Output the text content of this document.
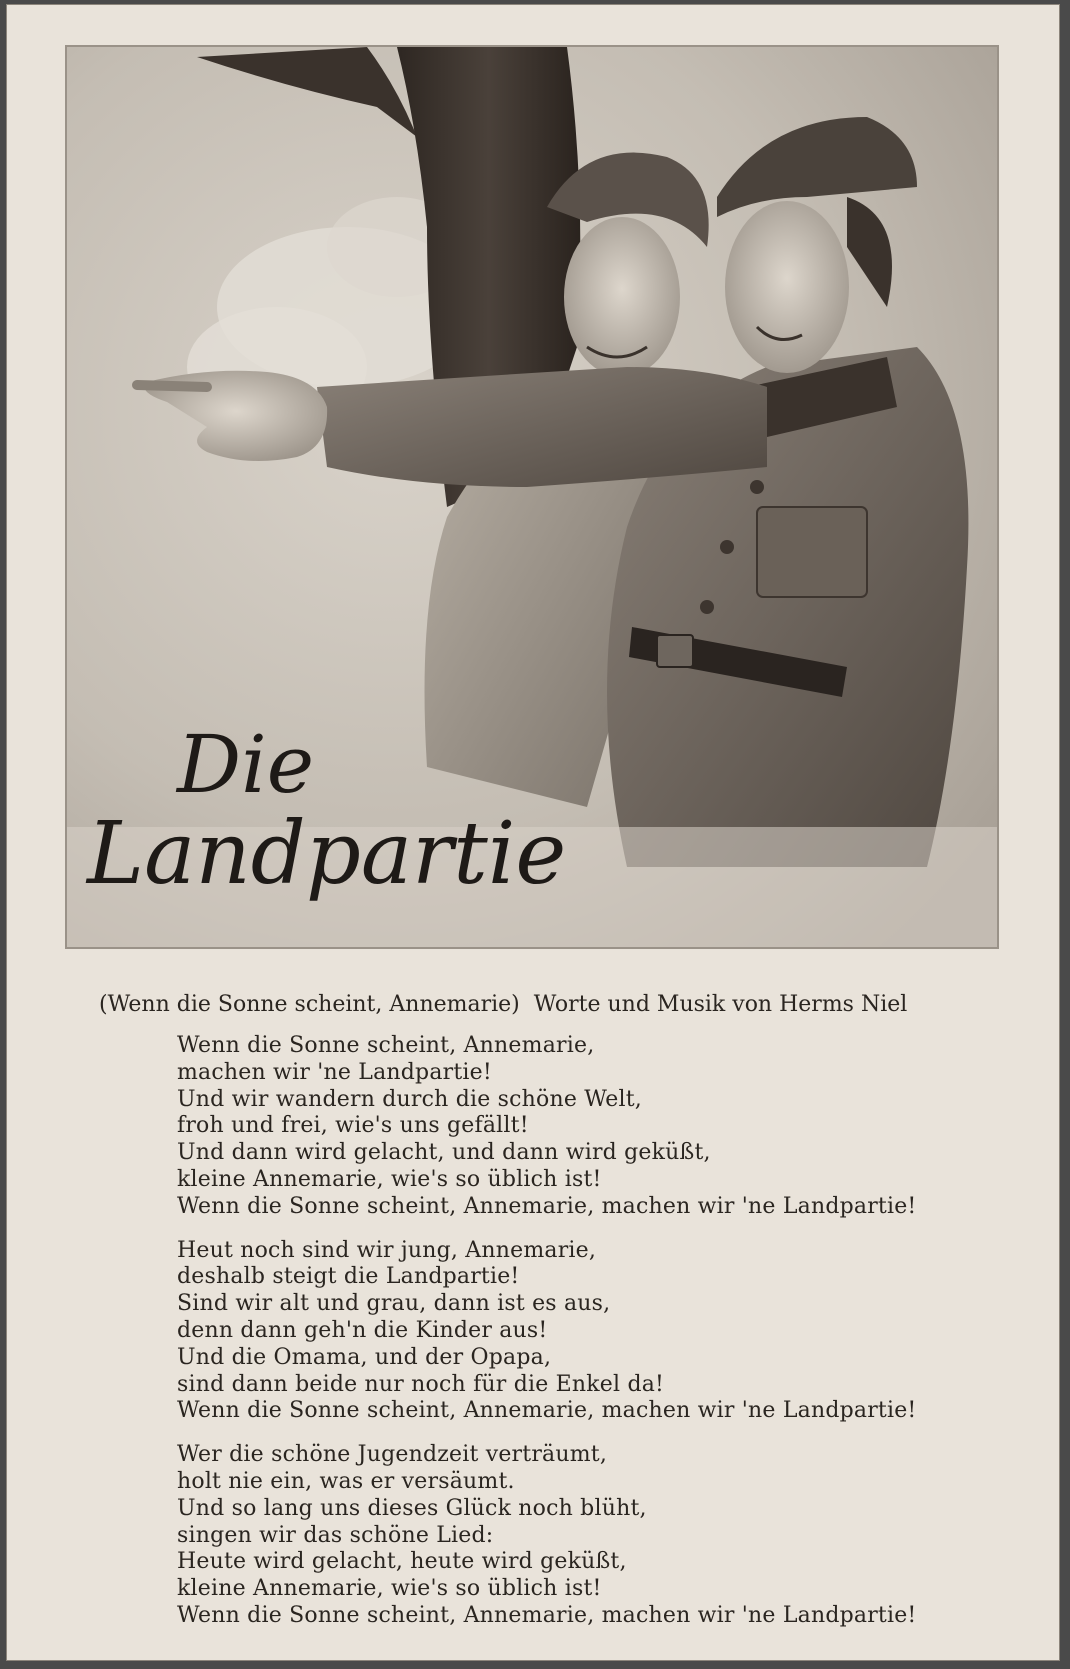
Die
Landpartie
(Wenn die Sonne scheint, Annemarie) Worte und Musik von Herms Niel
Wenn die Sonne scheint, Annemarie,
machen wir 'ne Landpartie!
Und wir wandern durch die schöne Welt,
froh und frei, wie's uns gefällt!
Und dann wird gelacht, und dann wird geküßt,
kleine Annemarie, wie's so üblich ist!
Wenn die Sonne scheint, Annemarie, machen wir 'ne Landpartie!
Heut noch sind wir jung, Annemarie,
deshalb steigt die Landpartie!
Sind wir alt und grau, dann ist es aus,
denn dann geh'n die Kinder aus!
Und die Omama, und der Opapa,
sind dann beide nur noch für die Enkel da!
Wenn die Sonne scheint, Annemarie, machen wir 'ne Landpartie!
Wer die schöne Jugendzeit verträumt,
holt nie ein, was er versäumt.
Und so lang uns dieses Glück noch blüht,
singen wir das schöne Lied:
Heute wird gelacht, heute wird geküßt,
kleine Annemarie, wie's so üblich ist!
Wenn die Sonne scheint, Annemarie, machen wir 'ne Landpartie!
